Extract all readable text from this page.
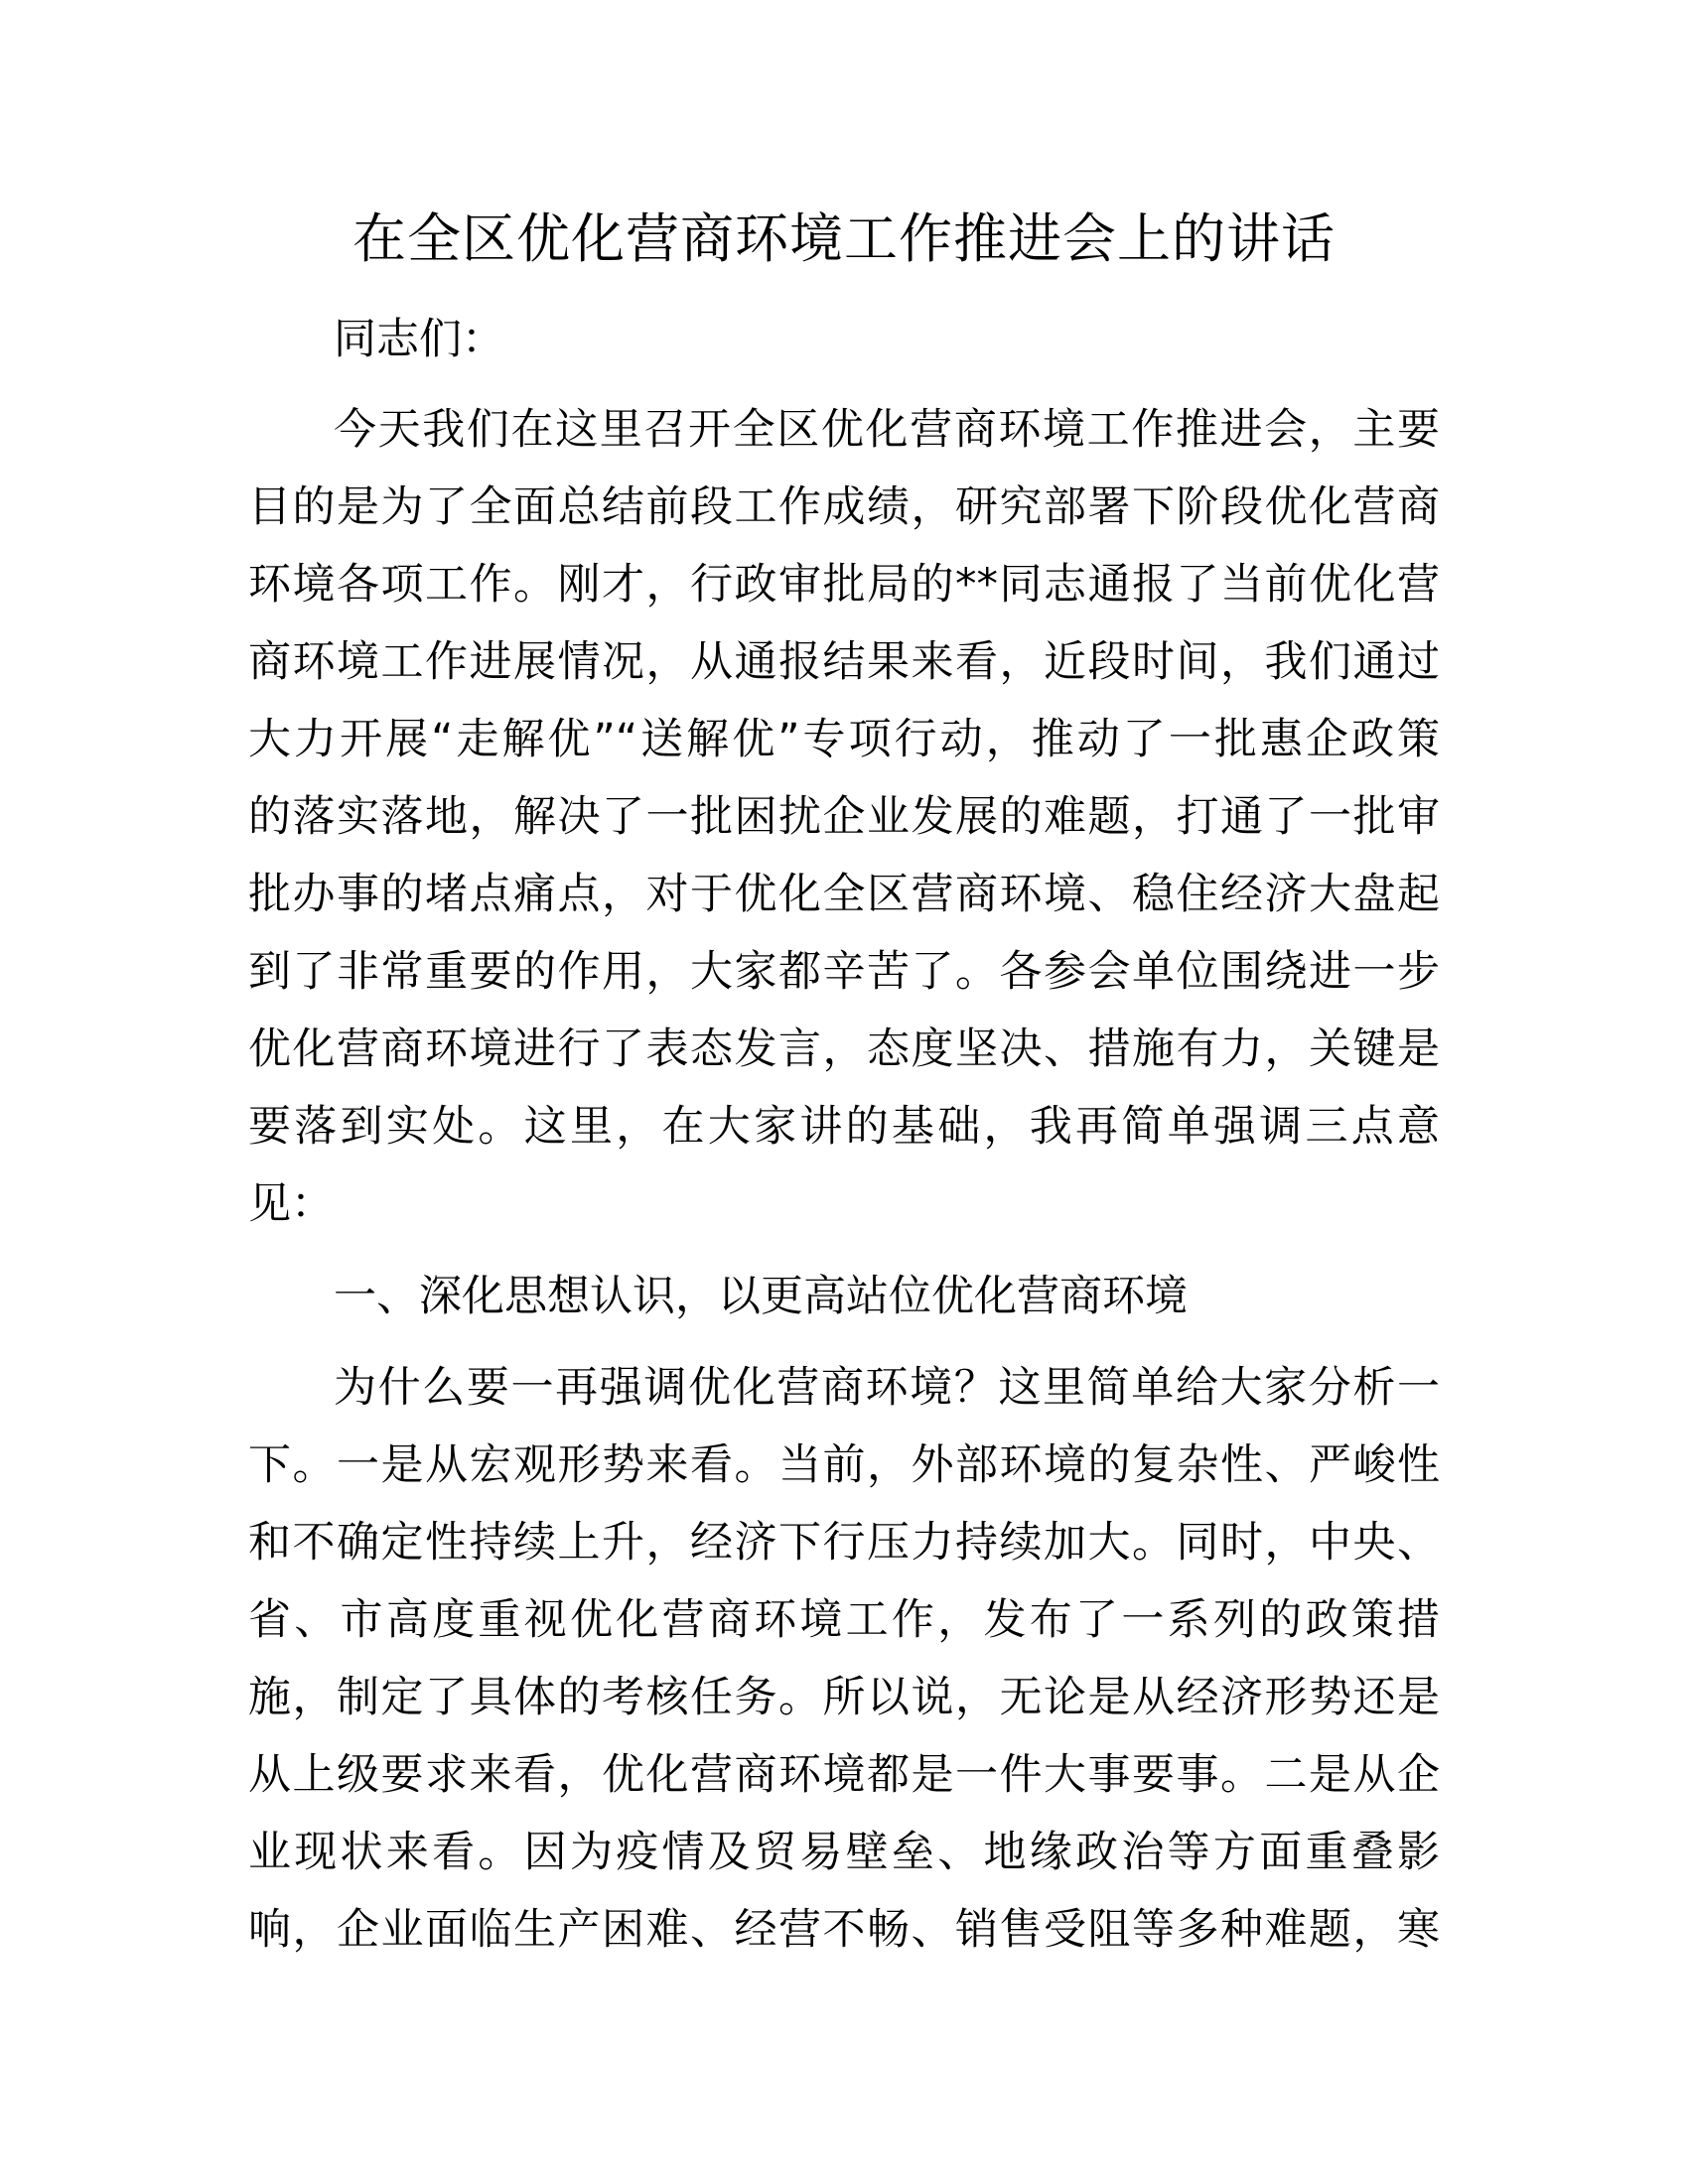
在全区优化营商环境工作推进会上的讲话
同志们：
今天我们在这里召开全区优化营商环境工作推进会，主要
目的是为了全面总结前段工作成绩，研究部署下阶段优化营商
环境各项工作。刚才，行政审批局的**同志通报了当前优化营
商环境工作进展情况，从通报结果来看，近段时间，我们通过
大力开展“走解优”“送解优”专项行动，推动了一批惠企政策
的落实落地，解决了一批困扰企业发展的难题，打通了一批审
批办事的堵点痛点，对于优化全区营商环境、稳住经济大盘起
到了非常重要的作用，大家都辛苦了。各参会单位围绕进一步
优化营商环境进行了表态发言，态度坚决、措施有力，关键是
要落到实处。这里，在大家讲的基础，我再简单强调三点意
见：
一、深化思想认识，以更高站位优化营商环境
为什么要一再强调优化营商环境？这里简单给大家分析一
下。一是从宏观形势来看。当前，外部环境的复杂性、严峻性
和不确定性持续上升，经济下行压力持续加大。同时，中央、
省、市高度重视优化营商环境工作，发布了一系列的政策措
施，制定了具体的考核任务。所以说，无论是从经济形势还是
从上级要求来看，优化营商环境都是一件大事要事。二是从企
业现状来看。因为疫情及贸易壁垒、地缘政治等方面重叠影
响，企业面临生产困难、经营不畅、销售受阻等多种难题，寒
